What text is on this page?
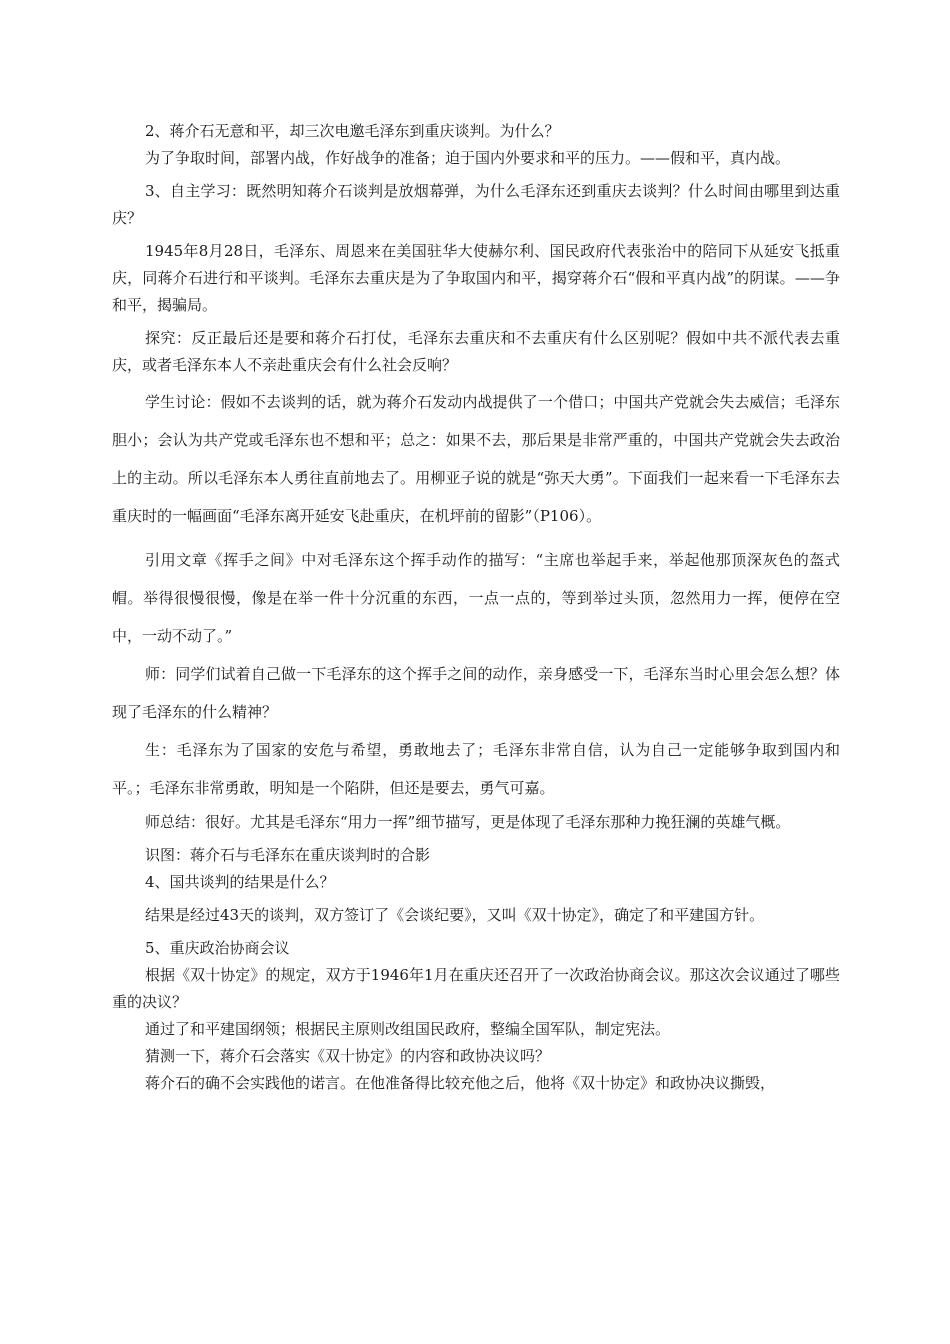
2、蒋介石无意和平，却三次电邀毛泽东到重庆谈判。为什么？

为了争取时间，部署内战，作好战争的准备；迫于国内外要求和平的压力。——假和平，真内战。

3、自主学习：既然明知蒋介石谈判是放烟幕弹，为什么毛泽东还到重庆去谈判？什么时间由哪里到达重庆？

1945年8月28日，毛泽东、周恩来在美国驻华大使赫尔利、国民政府代表张治中的陪同下从延安飞抵重庆，同蒋介石进行和平谈判。毛泽东去重庆是为了争取国内和平，揭穿蒋介石“假和平真内战”的阴谋。——争和平，揭骗局。

探究：反正最后还是要和蒋介石打仗，毛泽东去重庆和不去重庆有什么区别呢？假如中共不派代表去重庆，或者毛泽东本人不亲赴重庆会有什么社会反响？

学生讨论：假如不去谈判的话，就为蒋介石发动内战提供了一个借口；中国共产党就会失去威信；毛泽东胆小；会认为共产党或毛泽东也不想和平；总之：如果不去，那后果是非常严重的，中国共产党就会失去政治上的主动。所以毛泽东本人勇往直前地去了。用柳亚子说的就是“弥天大勇”。下面我们一起来看一下毛泽东去重庆时的一幅画面“毛泽东离开延安飞赴重庆，在机坪前的留影”（P106）。

引用文章《挥手之间》中对毛泽东这个挥手动作的描写：“主席也举起手来，举起他那顶深灰色的盔式帽。举得很慢很慢，像是在举一件十分沉重的东西，一点一点的，等到举过头顶，忽然用力一挥，便停在空中，一动不动了。”

师：同学们试着自己做一下毛泽东的这个挥手之间的动作，亲身感受一下，毛泽东当时心里会怎么想？体现了毛泽东的什么精神？

生：毛泽东为了国家的安危与希望，勇敢地去了；毛泽东非常自信，认为自己一定能够争取到国内和平。；毛泽东非常勇敢，明知是一个陷阱，但还是要去，勇气可嘉。

师总结：很好。尤其是毛泽东“用力一挥”细节描写，更是体现了毛泽东那种力挽狂澜的英雄气概。

识图：蒋介石与毛泽东在重庆谈判时的合影

4、国共谈判的结果是什么？

结果是经过43天的谈判，双方签订了《会谈纪要》，又叫《双十协定》，确定了和平建国方针。

5、重庆政治协商会议

根据《双十协定》的规定，双方于1946年1月在重庆还召开了一次政治协商会议。那这次会议通过了哪些重的决议？

通过了和平建国纲领；根据民主原则改组国民政府，整编全国军队，制定宪法。

猜测一下，蒋介石会落实《双十协定》的内容和政协决议吗？

蒋介石的确不会实践他的诺言。在他准备得比较充他之后，他将《双十协定》和政协决议撕毁，
